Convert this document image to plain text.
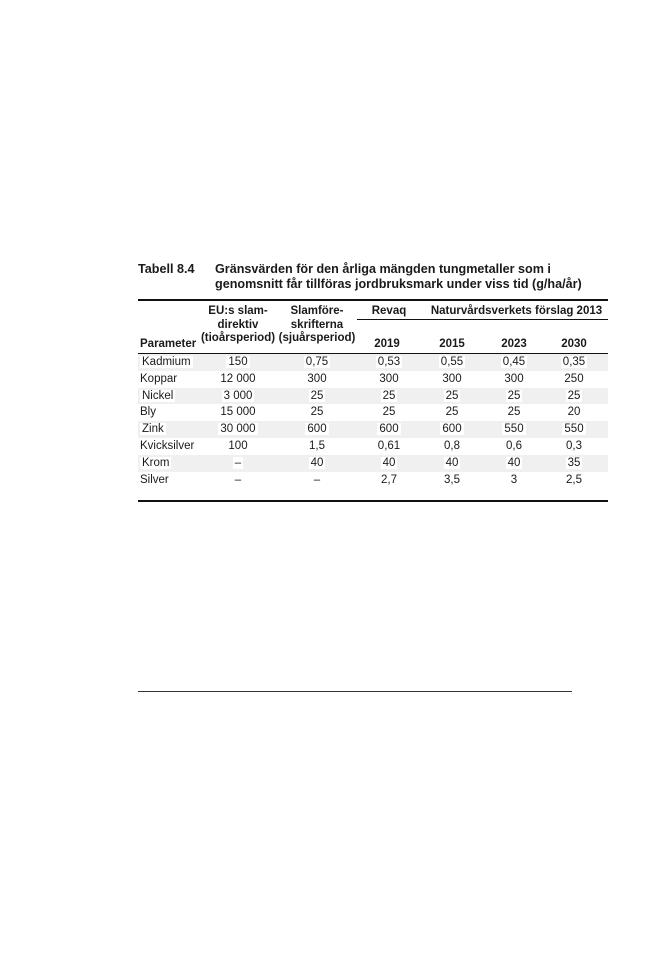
Tabell 8.4 Gränsvärden för den årliga mängden tungmetaller som i genomsnitt får tillföras jordbruksmark under viss tid (g/ha/år)
Parameter
EU:s slam-
direktiv
(tioårsperiod)
Slamföre-
skrifterna
(sjuårsperiod)
Revaq	Naturvårdsverkets förslag 2013
2019	2015	2023	2030
Kadmium	150	0,75	0,53	0,55	0,45	0,35
Koppar	12 000	300	300	300	300	250
Nickel	3 000	25	25	25	25	25
Bly	15 000	25	25	25	25	20
Zink	30 000	600	600	600	550	550
Kvicksilver	100	1,5	0,61	0,8	0,6	0,3
Krom	–	40	40	40	40	35
Silver	–	–	2,7	3,5	3	2,5
